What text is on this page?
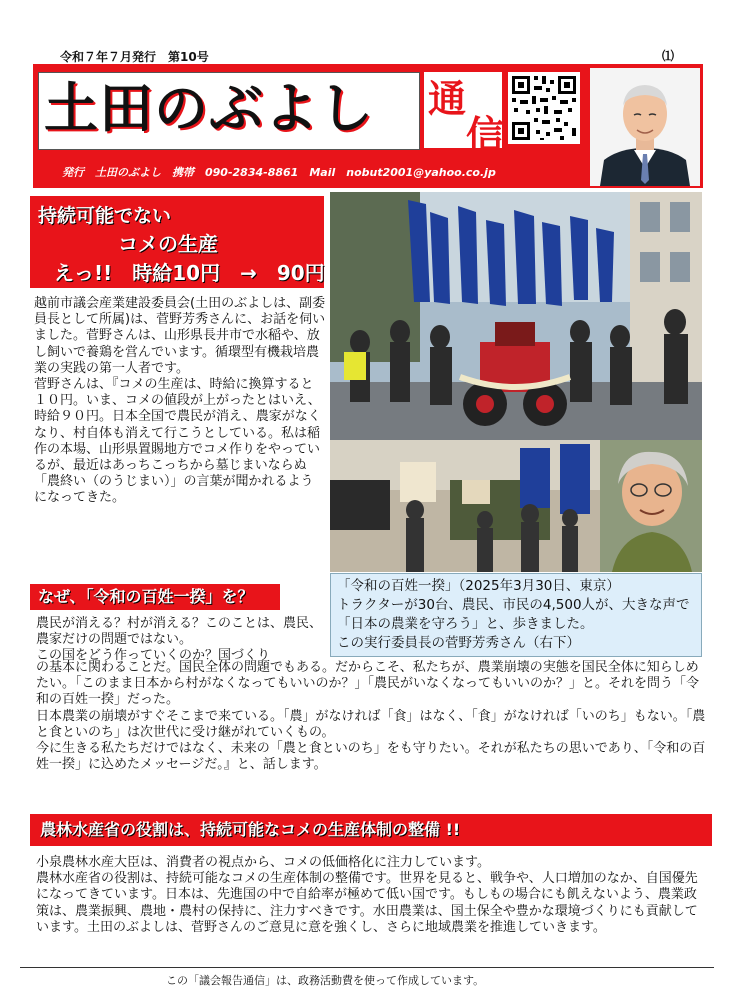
令和７年７月発行　第10号	⑴
土田のぶよし 通
信
発行　土田のぶよし　携帯　090-2834-8861　Mail　nobut2001@yahoo.co.jp
持続可能でない
コメの生産
えっ!!　時給10円　→　90円
越前市議会産業建設委員会(土田のぶよしは、副委員長として所属)は、菅野芳秀さんに、お話を伺いました。菅野さんは、山形県長井市で水稲や、放し飼いで養鶏を営んでいます。循環型有機栽培農業の実践の第一人者です。
菅野さんは、『コメの生産は、時給に換算すると１０円。いま、コメの値段が上がったとはいえ、時給９０円。日本全国で農民が消え、農家がなくなり、村自体も消えて行こうとしている。私は稲作の本場、山形県置賜地方でコメ作りをやっているが、最近はあっちこっちから墓じまいならぬ「農終い（のうじまい）」の言葉が聞かれるようになってきた。
「令和の百姓一揆」（2025年3月30日、東京）
トラクターが30台、農民、市民の4,500人が、大きな声で「日本の農業を守ろう」と、歩きました。
この実行委員長の菅野芳秀さん（右下）
なぜ、「令和の百姓一揆」を？
農民が消える？村が消える？このことは、農民、農家だけの問題ではない。
この国をどう作っていくのか？国づくり
の基本に関わることだ。国民全体の問題でもある。だからこそ、私たちが、農業崩壊の実態を国民全体に知らしめたい。「このまま日本から村がなくなってもいいのか？」「農民がいなくなってもいいのか？」と。それを問う「令和の百姓一揆」だった。
日本農業の崩壊がすぐそこまで来ている。「農」がなければ「食」はなく、「食」がなければ「いのち」もない。「農と食といのち」は次世代に受け継がれていくもの。
今に生きる私たちだけではなく、未来の「農と食といのち」をも守りたい。それが私たちの思いであり、「令和の百姓一揆」に込めたメッセージだ。』と、話します。
農林水産省の役割は、持続可能なコメの生産体制の整備 !!
小泉農林水産大臣は、消費者の視点から、コメの低価格化に注力しています。
農林水産省の役割は、持続可能なコメの生産体制の整備です。世界を見ると、戦争や、人口増加のなか、自国優先になってきています。日本は、先進国の中で自給率が極めて低い国です。もしもの場合にも飢えないよう、農業政策は、農業振興、農地・農村の保持に、注力すべきです。水田農業は、国土保全や豊かな環境づくりにも貢献しています。土田のぶよしは、菅野さんのご意見に意を強くし、さらに地域農業を推進していきます。
この「議会報告通信」は、政務活動費を使って作成しています。
